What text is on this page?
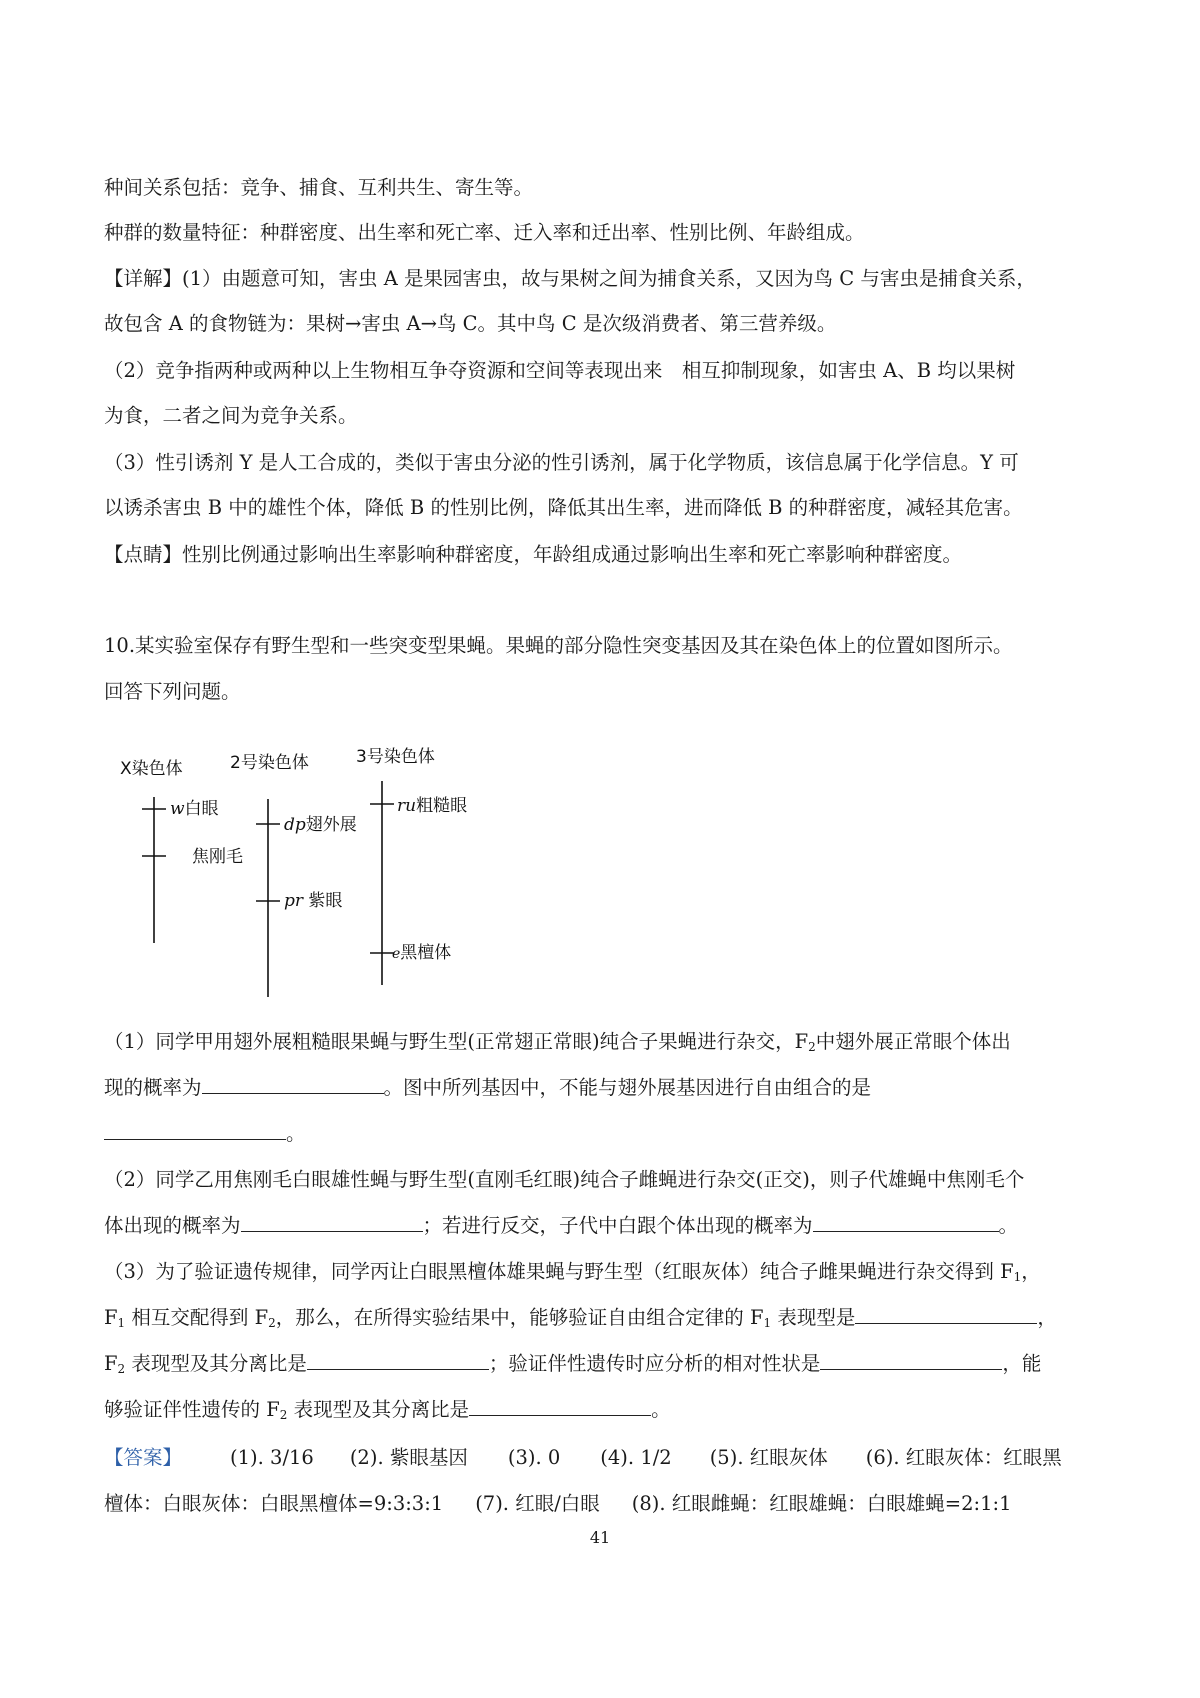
种间关系包括：竞争、捕食、互利共生、寄生等。
种群的数量特征：种群密度、出生率和死亡率、迁入率和迁出率、性别比例、年龄组成。
【详解】(1）由题意可知，害虫 A 是果园害虫，故与果树之间为捕食关系，又因为鸟 C 与害虫是捕食关系，
故包含 A 的食物链为：果树→害虫 A→鸟 C。其中鸟 C 是次级消费者、第三营养级。
（2）竞争指两种或两种以上生物相互争夺资源和空间等表现出来　相互抑制现象，如害虫 A、B 均以果树
为食，二者之间为竞争关系。
（3）性引诱剂 Y 是人工合成的，类似于害虫分泌的性引诱剂，属于化学物质，该信息属于化学信息。Y 可
以诱杀害虫 B 中的雄性个体，降低 B 的性别比例，降低其出生率，进而降低 B 的种群密度，减轻其危害。
【点睛】性别比例通过影响出生率影响种群密度，年龄组成通过影响出生率和死亡率影响种群密度。
10.某实验室保存有野生型和一些突变型果蝇。果蝇的部分隐性突变基因及其在染色体上的位置如图所示。
回答下列问题。
X染色体	2号染色体	3号染色体
w白眼
焦刚毛
dp翅外展
pr 紫眼
ru粗糙眼
e黑檀体
（1）同学甲用翅外展粗糙眼果蝇与野生型(正常翅正常眼)纯合子果蝇进行杂交，$F_2$中翅外展正常眼个体出
现的概率为	。图中所列基因中，不能与翅外展基因进行自由组合的是
。
（2）同学乙用焦刚毛白眼雄性蝇与野生型(直刚毛红眼)纯合子雌蝇进行杂交(正交)，则子代雄蝇中焦刚毛个
体出现的概率为	；若进行反交，子代中白跟个体出现的概率为	。
（3）为了验证遗传规律，同学丙让白眼黑檀体雄果蝇与野生型（红眼灰体）纯合子雌果蝇进行杂交得到 $F_1$，
$F_1$ 相互交配得到 $F_2$，那么，在所得实验结果中，能够验证自由组合定律的 $F_1$ 表现型是	，
$F_2$ 表现型及其分离比是	；验证伴性遗传时应分析的相对性状是	，能
够验证伴性遗传的 $F_2$ 表现型及其分离比是	。
【答案】 (1). 3/16 (2). 紫眼基因 (3). 0 (4). 1/2 (5). 红眼灰体 (6). 红眼灰体：红眼黑
檀体：白眼灰体：白眼黑檀体=9:3:3:1 (7). 红眼/白眼 (8). 红眼雌蝇：红眼雄蝇：白眼雄蝇=2:1:1
41
